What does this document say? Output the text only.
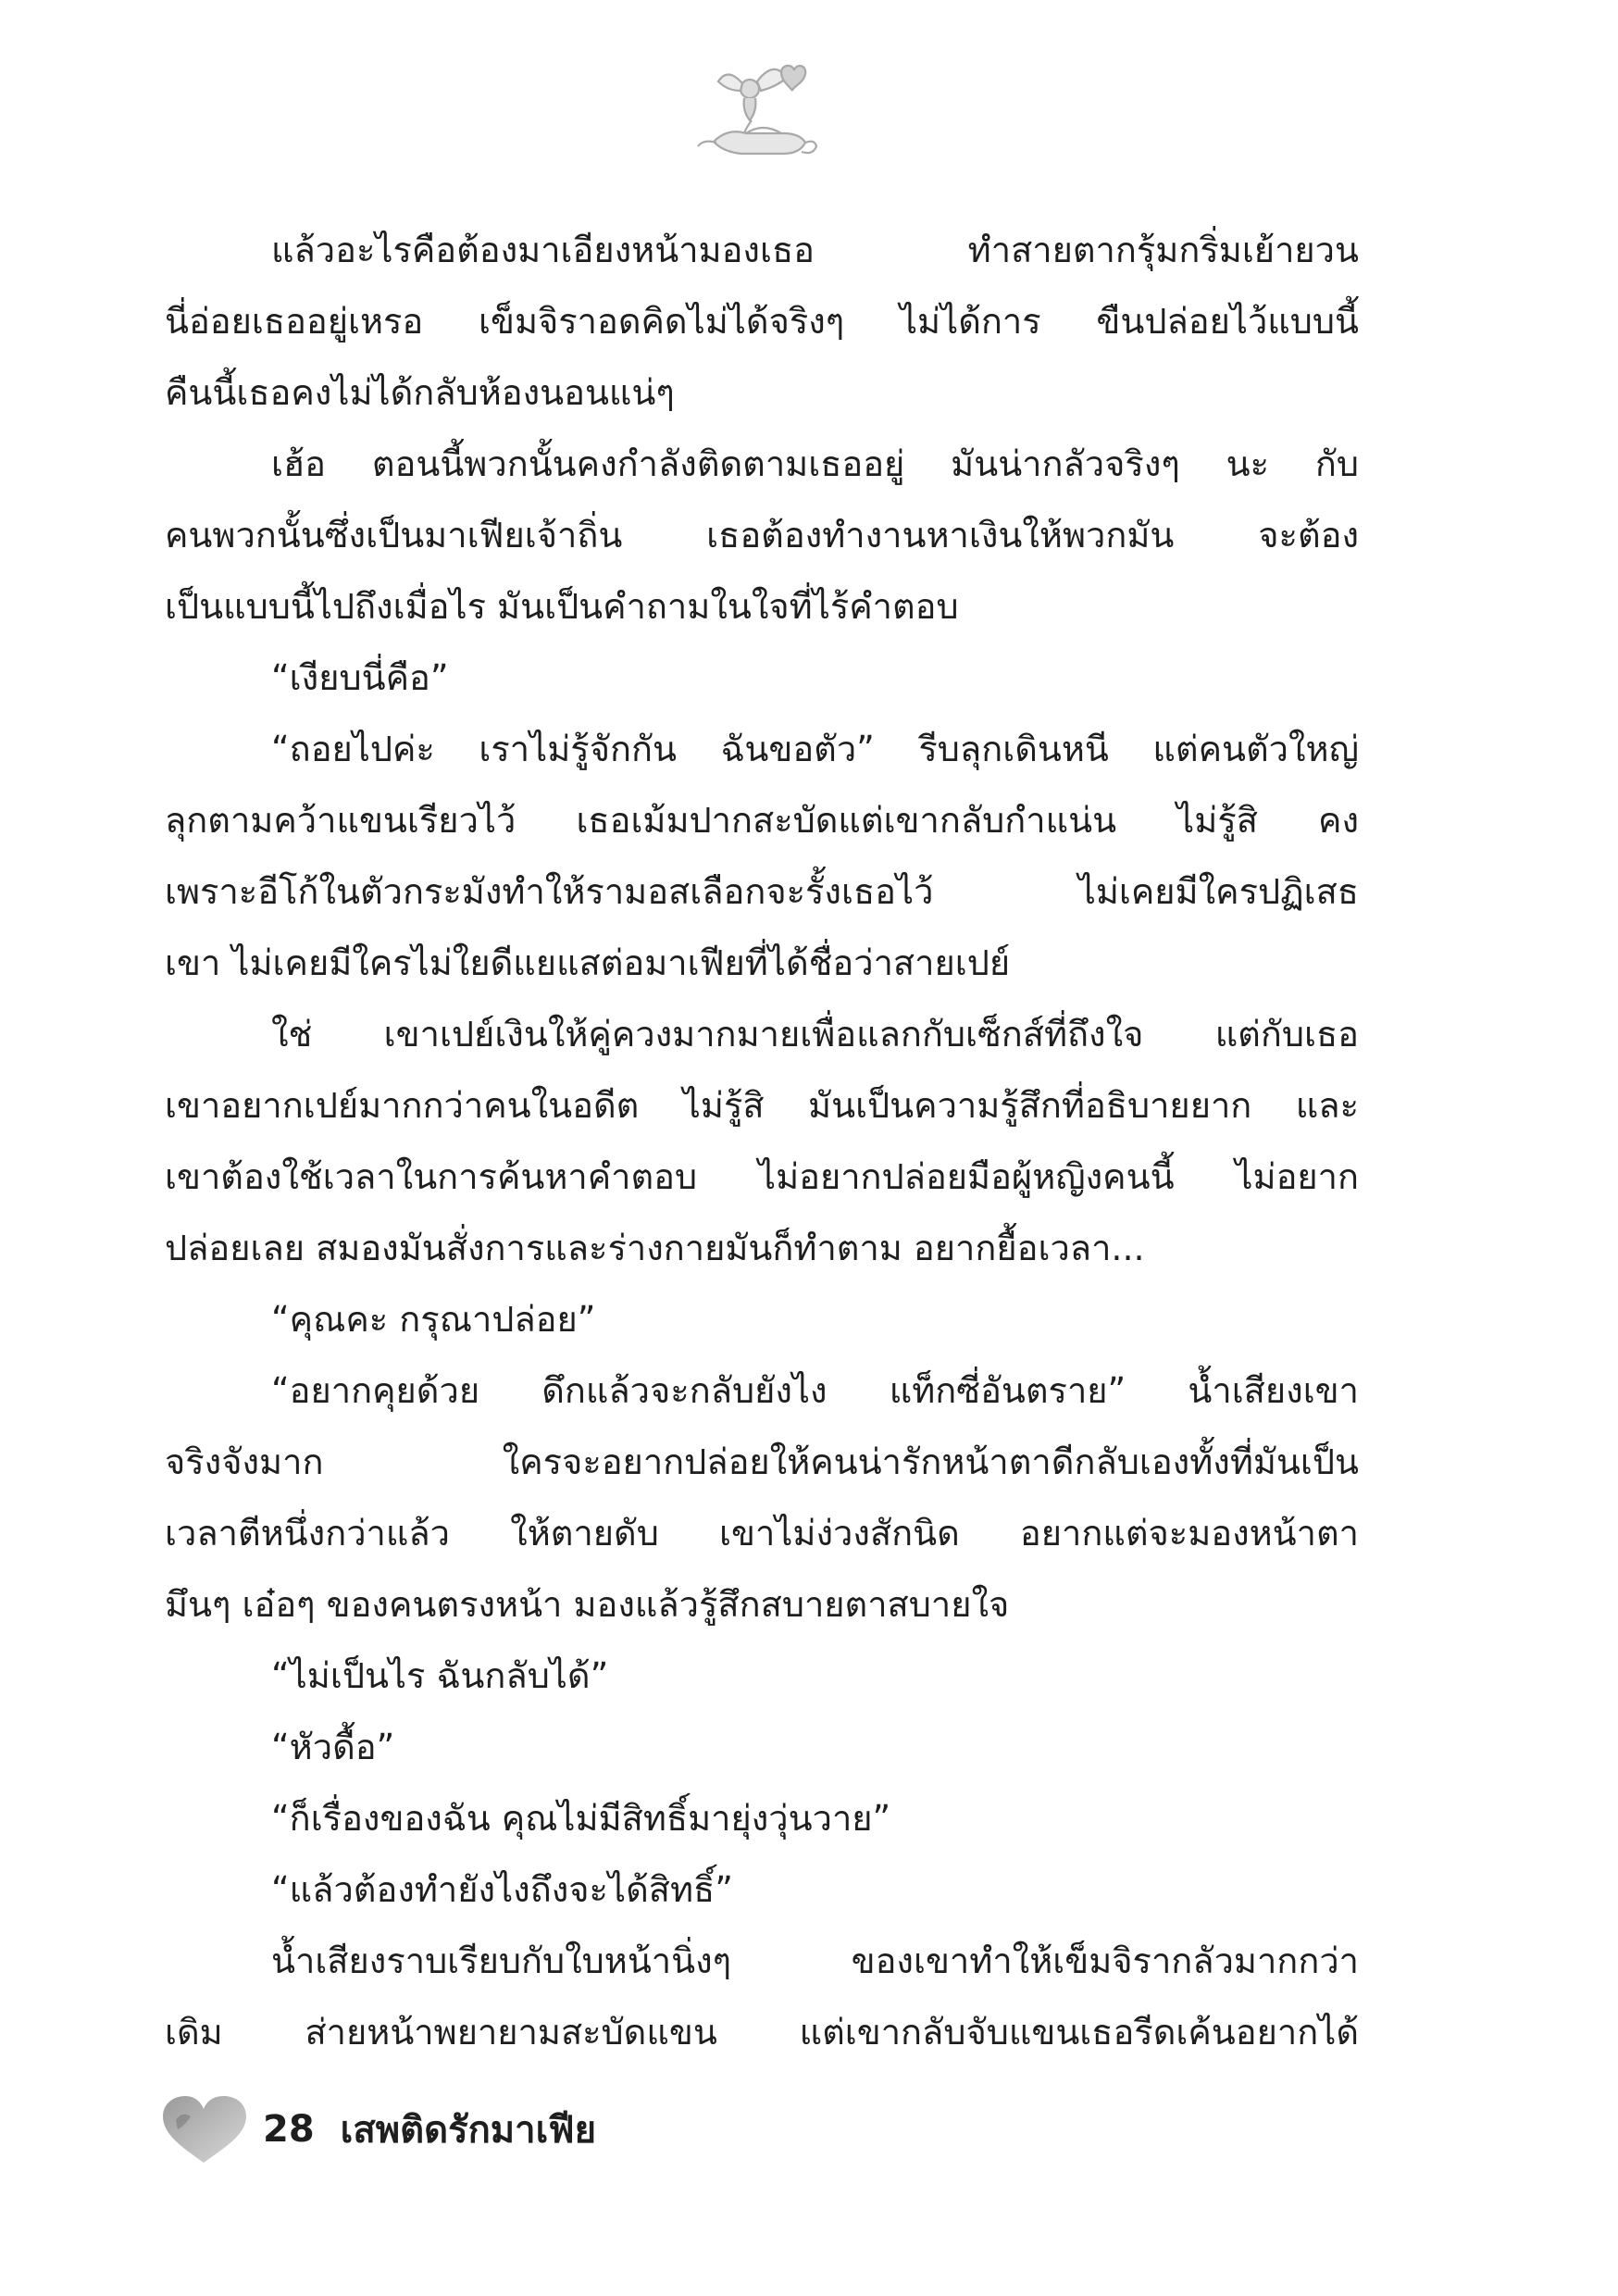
แล้วอะไรคือต้องมาเอียงหน้ามองเธอ ทำสายตากรุ้มกริ่มเย้ายวน
นี่อ่อยเธออยู่เหรอ เข็มจิราอดคิดไม่ได้จริงๆ ไม่ได้การ ขืนปล่อยไว้แบบนี้
คืนนี้เธอคงไม่ได้กลับห้องนอนแน่ๆ
เฮ้อ ตอนนี้พวกนั้นคงกำลังติดตามเธออยู่ มันน่ากลัวจริงๆ นะ กับ
คนพวกนั้นซึ่งเป็นมาเฟียเจ้าถิ่น เธอต้องทำงานหาเงินให้พวกมัน จะต้อง
เป็นแบบนี้ไปถึงเมื่อไร มันเป็นคำถามในใจที่ไร้คำตอบ
“เงียบนี่คือ”
“ถอยไปค่ะ เราไม่รู้จักกัน ฉันขอตัว” รีบลุกเดินหนี แต่คนตัวใหญ่
ลุกตามคว้าแขนเรียวไว้ เธอเม้มปากสะบัดแต่เขากลับกำแน่น ไม่รู้สิ คง
เพราะอีโก้ในตัวกระมังทำให้รามอสเลือกจะรั้งเธอไว้ ไม่เคยมีใครปฏิเสธ
เขา ไม่เคยมีใครไม่ใยดีแยแสต่อมาเฟียที่ได้ชื่อว่าสายเปย์
ใช่ เขาเปย์เงินให้คู่ควงมากมายเพื่อแลกกับเซ็กส์ที่ถึงใจ แต่กับเธอ
เขาอยากเปย์มากกว่าคนในอดีต ไม่รู้สิ มันเป็นความรู้สึกที่อธิบายยาก และ
เขาต้องใช้เวลาในการค้นหาคำตอบ ไม่อยากปล่อยมือผู้หญิงคนนี้ ไม่อยาก
ปล่อยเลย สมองมันสั่งการและร่างกายมันก็ทำตาม อยากยื้อเวลา...
“คุณคะ กรุณาปล่อย”
“อยากคุยด้วย ดึกแล้วจะกลับยังไง แท็กซี่อันตราย” น้ำเสียงเขา
จริงจังมาก ใครจะอยากปล่อยให้คนน่ารักหน้าตาดีกลับเองทั้งที่มันเป็น
เวลาตีหนึ่งกว่าแล้ว ให้ตายดับ เขาไม่ง่วงสักนิด อยากแต่จะมองหน้าตา
มึนๆ เอ๋อๆ ของคนตรงหน้า มองแล้วรู้สึกสบายตาสบายใจ
“ไม่เป็นไร ฉันกลับได้”
“หัวดื้อ”
“ก็เรื่องของฉัน คุณไม่มีสิทธิ์มายุ่งวุ่นวาย”
“แล้วต้องทำยังไงถึงจะได้สิทธิ์”
น้ำเสียงราบเรียบกับใบหน้านิ่งๆ ของเขาทำให้เข็มจิรากลัวมากกว่า
เดิม ส่ายหน้าพยายามสะบัดแขน แต่เขากลับจับแขนเธอรีดเค้นอยากได้
28 เสพติดรักมาเฟีย
